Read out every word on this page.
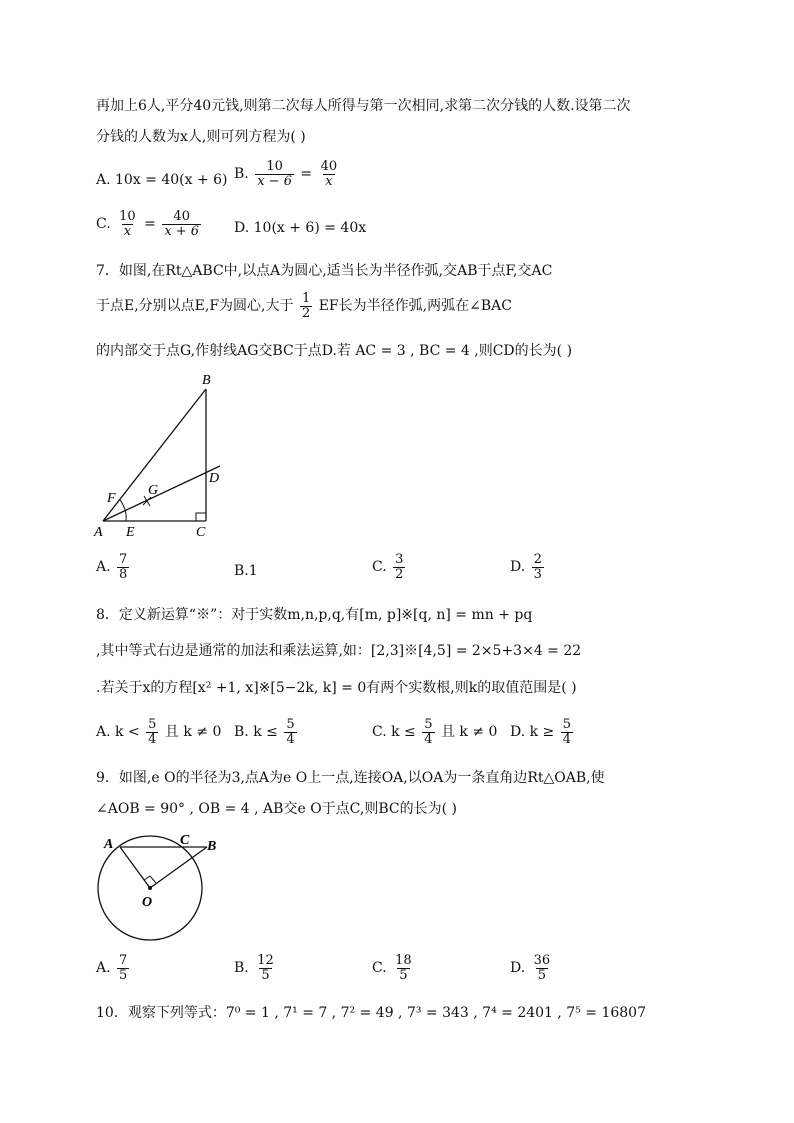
再加上6人,平分40元钱,则第二次每人所得与第一次相同,求第二次分钱的人数.设第二次
分钱的人数为x人,则可列方程为( )
A. 10x = 40(x + 6) B. $\frac{10}{x - 6} = \frac{40}{x}$
C. $\frac{10}{x} = \frac{40}{x + 6} D$. 10(x + 6) = 40x
7．如图,在Rt△ABC中,以点A为圆心,适当长为半径作弧,交AB于点F,交AC
于点E,分别以点E,F为圆心,大于 $\frac{1}{2}$ EF长为半径作弧,两弧在∠BAC
的内部交于点G,作射线AG交BC于点D.若 AC = 3 , BC = 4 ,则CD的长为( )
F
G
B
D
A E	C
A. $\frac{7}{8}$	B.1	C. $\frac{3}{2}$	D. $\frac{2}{3}$
8．定义新运算“※”：对于实数m,n,p,q,有[m, p]※[q, n] = mn + pq
,其中等式右边是通常的加法和乘法运算,如：[2,3]※[4,5] = 2×5+3×4 = 22
.若关于x的方程[x² +1, x]※[5−2k, k] = 0有两个实数根,则k的取值范围是( )
A. $k < \frac{5}{4}$ 且 k ≠ 0 B. $k \le \frac{5}{4}$	C. $k \le \frac{5}{4}$ 且 k ≠ 0 D. $k \ge \frac{5}{4}$
9．如图,e O的半径为3,点A为e O上一点,连接OA,以OA为一条直角边Rt△OAB,使
∠AOB = 90° , OB = 4 , AB交e O于点C,则BC的长为( )
A	C B
O
A. $\frac{7}{5}$	B. $\frac{12}{5}$	C. $\frac{18}{5}$	D. $\frac{36}{5}$
10．观察下列等式：7⁰ = 1 , 7¹ = 7 , 7² = 49 , 7³ = 343 , 7⁴ = 2401 , 7⁵ = 16807
